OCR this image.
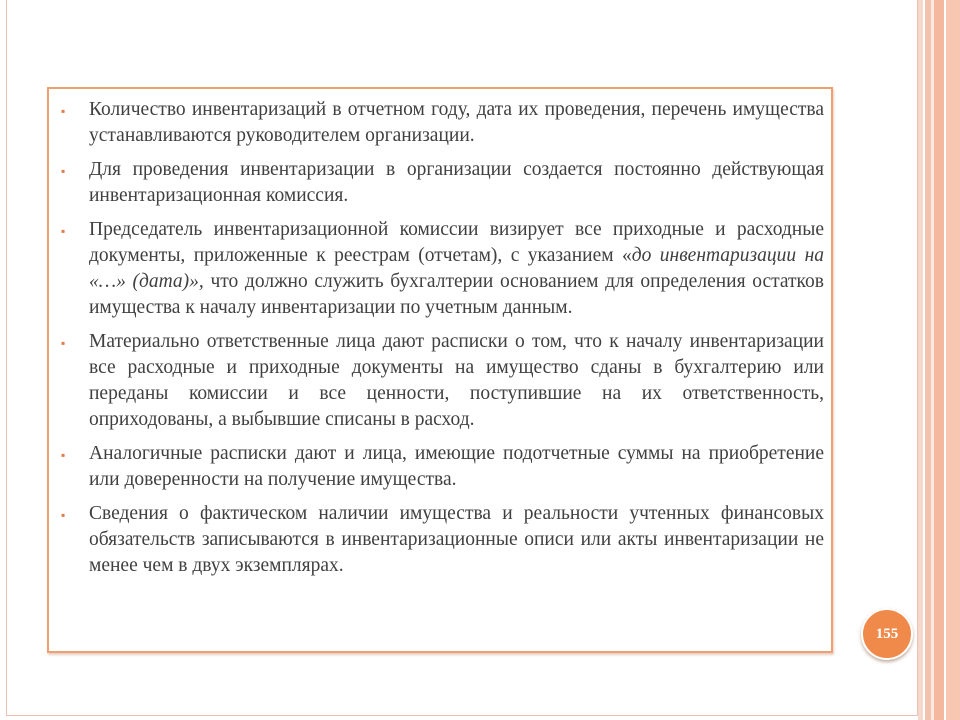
▪ Количество инвентаризаций в отчетном году, дата их проведения, перечень имущества устанавливаются руководителем организации.
▪ Для проведения инвентаризации в организации создается постоянно действующая инвентаризационная комиссия.
▪ Председатель инвентаризационной комиссии визирует все приходные и расходные документы, приложенные к реестрам (отчетам), с указанием «до инвентаризации на «…» (дата)», что должно служить бухгалтерии основанием для определения остатков имущества к началу инвентаризации по учетным данным.
▪ Материально ответственные лица дают расписки о том, что к началу инвентаризации все расходные и приходные документы на имущество сданы в бухгалтерию или переданы комиссии и все ценности, поступившие на их ответственность, оприходованы, а выбывшие списаны в расход.
▪ Аналогичные расписки дают и лица, имеющие подотчетные суммы на приобретение или доверенности на получение имущества.
▪ Сведения о фактическом наличии имущества и реальности учтенных финансовых обязательств записываются в инвентаризационные описи или акты инвентаризации не менее чем в двух экземплярах.
155
